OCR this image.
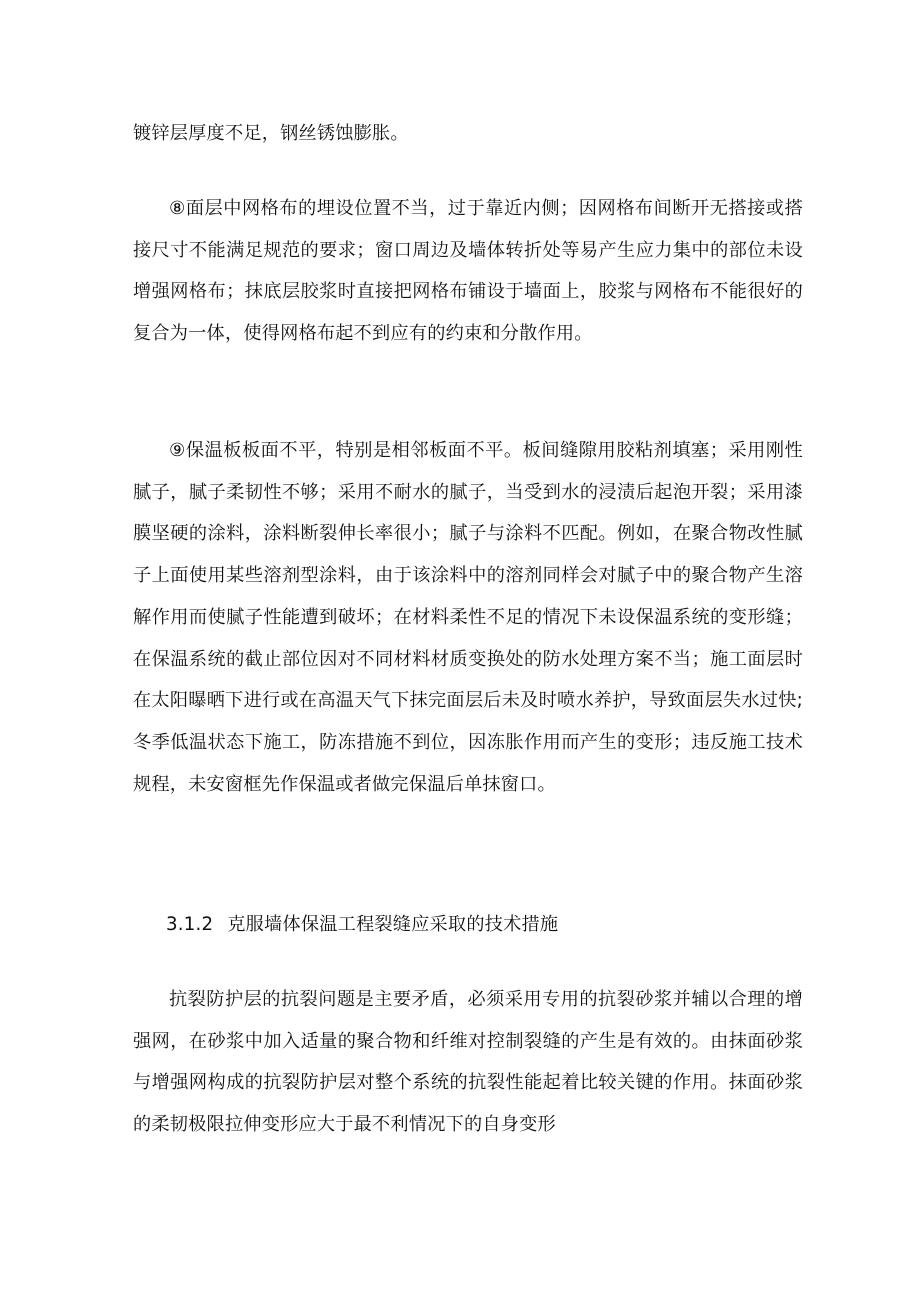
镀锌层厚度不足，钢丝锈蚀膨胀。

⑧面层中网格布的埋设位置不当，过于靠近内侧；因网格布间断开无搭接或搭接尺寸不能满足规范的要求；窗口周边及墙体转折处等易产生应力集中的部位未设增强网格布；抹底层胶浆时直接把网格布铺设于墙面上，胶浆与网格布不能很好的复合为一体，使得网格布起不到应有的约束和分散作用。

⑨保温板板面不平，特别是相邻板面不平。板间缝隙用胶粘剂填塞；采用刚性腻子，腻子柔韧性不够；采用不耐水的腻子，当受到水的浸渍后起泡开裂；采用漆膜坚硬的涂料，涂料断裂伸长率很小；腻子与涂料不匹配。例如，在聚合物改性腻子上面使用某些溶剂型涂料，由于该涂料中的溶剂同样会对腻子中的聚合物产生溶解作用而使腻子性能遭到破坏；在材料柔性不足的情况下未设保温系统的变形缝；在保温系统的截止部位因对不同材料材质变换处的防水处理方案不当；施工面层时在太阳曝晒下进行或在高温天气下抹完面层后未及时喷水养护，导致面层失水过快;冬季低温状态下施工，防冻措施不到位，因冻胀作用而产生的变形；违反施工技术规程，未安窗框先作保温或者做完保温后单抹窗口。

3.1.2 克服墙体保温工程裂缝应采取的技术措施

抗裂防护层的抗裂问题是主要矛盾，必须采用专用的抗裂砂浆并辅以合理的增强网，在砂浆中加入适量的聚合物和纤维对控制裂缝的产生是有效的。由抹面砂浆与增强网构成的抗裂防护层对整个系统的抗裂性能起着比较关键的作用。抹面砂浆的柔韧极限拉伸变形应大于最不利情况下的自身变形
